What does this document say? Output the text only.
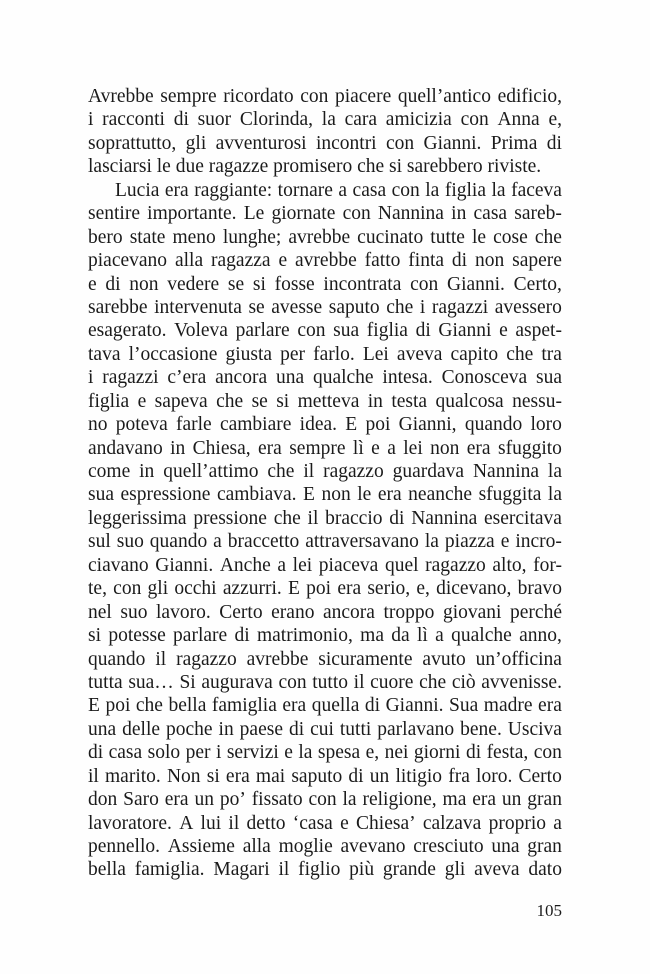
Avrebbe sempre ricordato con piacere quell’antico edificio,
i racconti di suor Clorinda, la cara amicizia con Anna e,
soprattutto, gli avventurosi incontri con Gianni. Prima di
lasciarsi le due ragazze promisero che si sarebbero riviste.
Lucia era raggiante: tornare a casa con la figlia la faceva
sentire importante. Le giornate con Nannina in casa sareb-
bero state meno lunghe; avrebbe cucinato tutte le cose che
piacevano alla ragazza e avrebbe fatto finta di non sapere
e di non vedere se si fosse incontrata con Gianni. Certo,
sarebbe intervenuta se avesse saputo che i ragazzi avessero
esagerato. Voleva parlare con sua figlia di Gianni e aspet-
tava l’occasione giusta per farlo. Lei aveva capito che tra
i ragazzi c’era ancora una qualche intesa. Conosceva sua
figlia e sapeva che se si metteva in testa qualcosa nessu-
no poteva farle cambiare idea. E poi Gianni, quando loro
andavano in Chiesa, era sempre lì e a lei non era sfuggito
come in quell’attimo che il ragazzo guardava Nannina la
sua espressione cambiava. E non le era neanche sfuggita la
leggerissima pressione che il braccio di Nannina esercitava
sul suo quando a braccetto attraversavano la piazza e incro-
ciavano Gianni. Anche a lei piaceva quel ragazzo alto, for-
te, con gli occhi azzurri. E poi era serio, e, dicevano, bravo
nel suo lavoro. Certo erano ancora troppo giovani perché
si potesse parlare di matrimonio, ma da lì a qualche anno,
quando il ragazzo avrebbe sicuramente avuto un’officina
tutta sua… Si augurava con tutto il cuore che ciò avvenisse.
E poi che bella famiglia era quella di Gianni. Sua madre era
una delle poche in paese di cui tutti parlavano bene. Usciva
di casa solo per i servizi e la spesa e, nei giorni di festa, con
il marito. Non si era mai saputo di un litigio fra loro. Certo
don Saro era un po’ fissato con la religione, ma era un gran
lavoratore. A lui il detto ‘casa e Chiesa’ calzava proprio a
pennello. Assieme alla moglie avevano cresciuto una gran
bella famiglia. Magari il figlio più grande gli aveva dato
105
